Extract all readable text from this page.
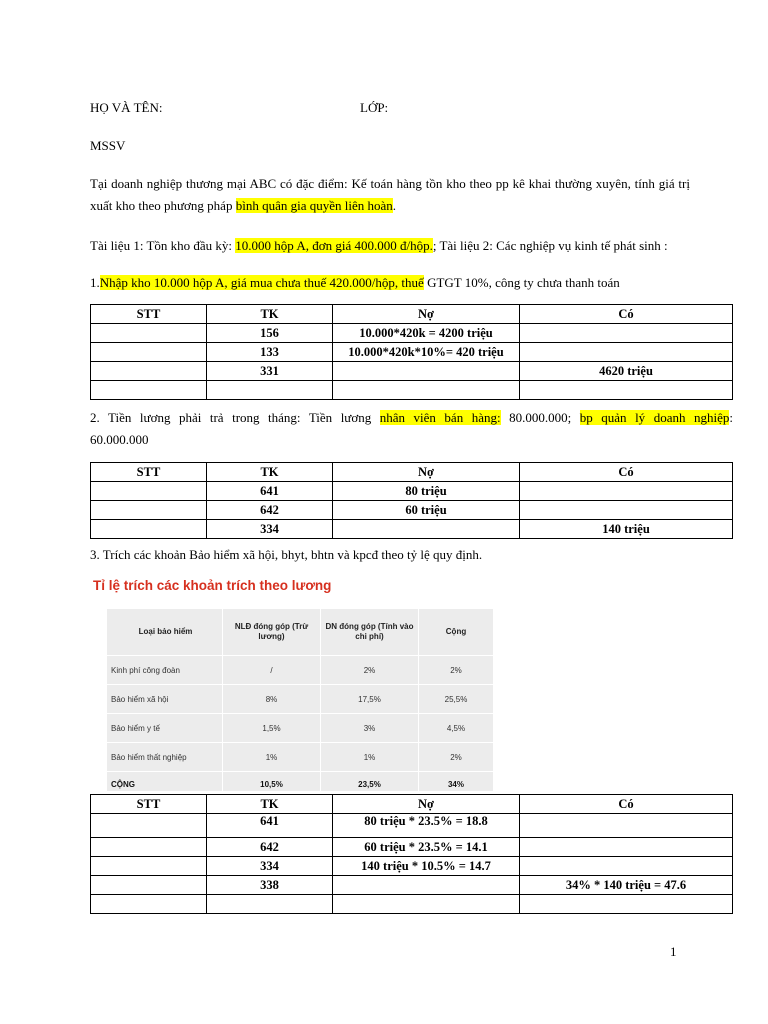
HỌ VÀ TÊN:	LỚP:
MSSV
Tại doanh nghiệp thương mại ABC có đặc điểm: Kế toán hàng tồn kho theo pp kê khai thường xuyên, tính giá trị
xuất kho theo phương pháp bình quân gia quyền liên hoàn.
Tài liệu 1: Tồn kho đầu kỳ: 10.000 hộp A, đơn giá 400.000 đ/hộp.; Tài liệu 2: Các nghiệp vụ kinh tế phát sinh :
1.Nhập kho 10.000 hộp A, giá mua chưa thuế 420.000/hộp, thuế GTGT 10%, công ty chưa thanh toán
STT	TK	Nợ	Có
	156	10.000*420k = 4200 triệu	
	133	10.000*420k*10%= 420 triệu	
	331		4620 triệu

2. Tiền lương phải trả trong tháng: Tiền lương nhân viên bán hàng: 80.000.000; bp quản lý doanh nghiệp:
60.000.000
STT	TK	Nợ	Có
	641	80 triệu	
	642	60 triệu	
	334		140 triệu
3. Trích các khoản Bảo hiểm xã hội, bhyt, bhtn và kpcđ theo tỷ lệ quy định.
Tỉ lệ trích các khoản trích theo lương
Loại bảo hiểm	NLĐ đóng góp (Trừ lương)	DN đóng góp (Tính vào chi phí)	Cộng
Kinh phí công đoàn	/	2%	2%
Bảo hiểm xã hội	8%	17,5%	25,5%
Bảo hiểm y tế	1,5%	3%	4,5%
Bảo hiểm thất nghiệp	1%	1%	2%
CỘNG	10,5%	23,5%	34%
STT	TK	Nợ	Có
	641	80 triệu * 23.5% = 18.8	
	642	60 triệu * 23.5% = 14.1	
	334	140 triệu * 10.5% = 14.7	
	338		34% * 140 triệu = 47.6

1
